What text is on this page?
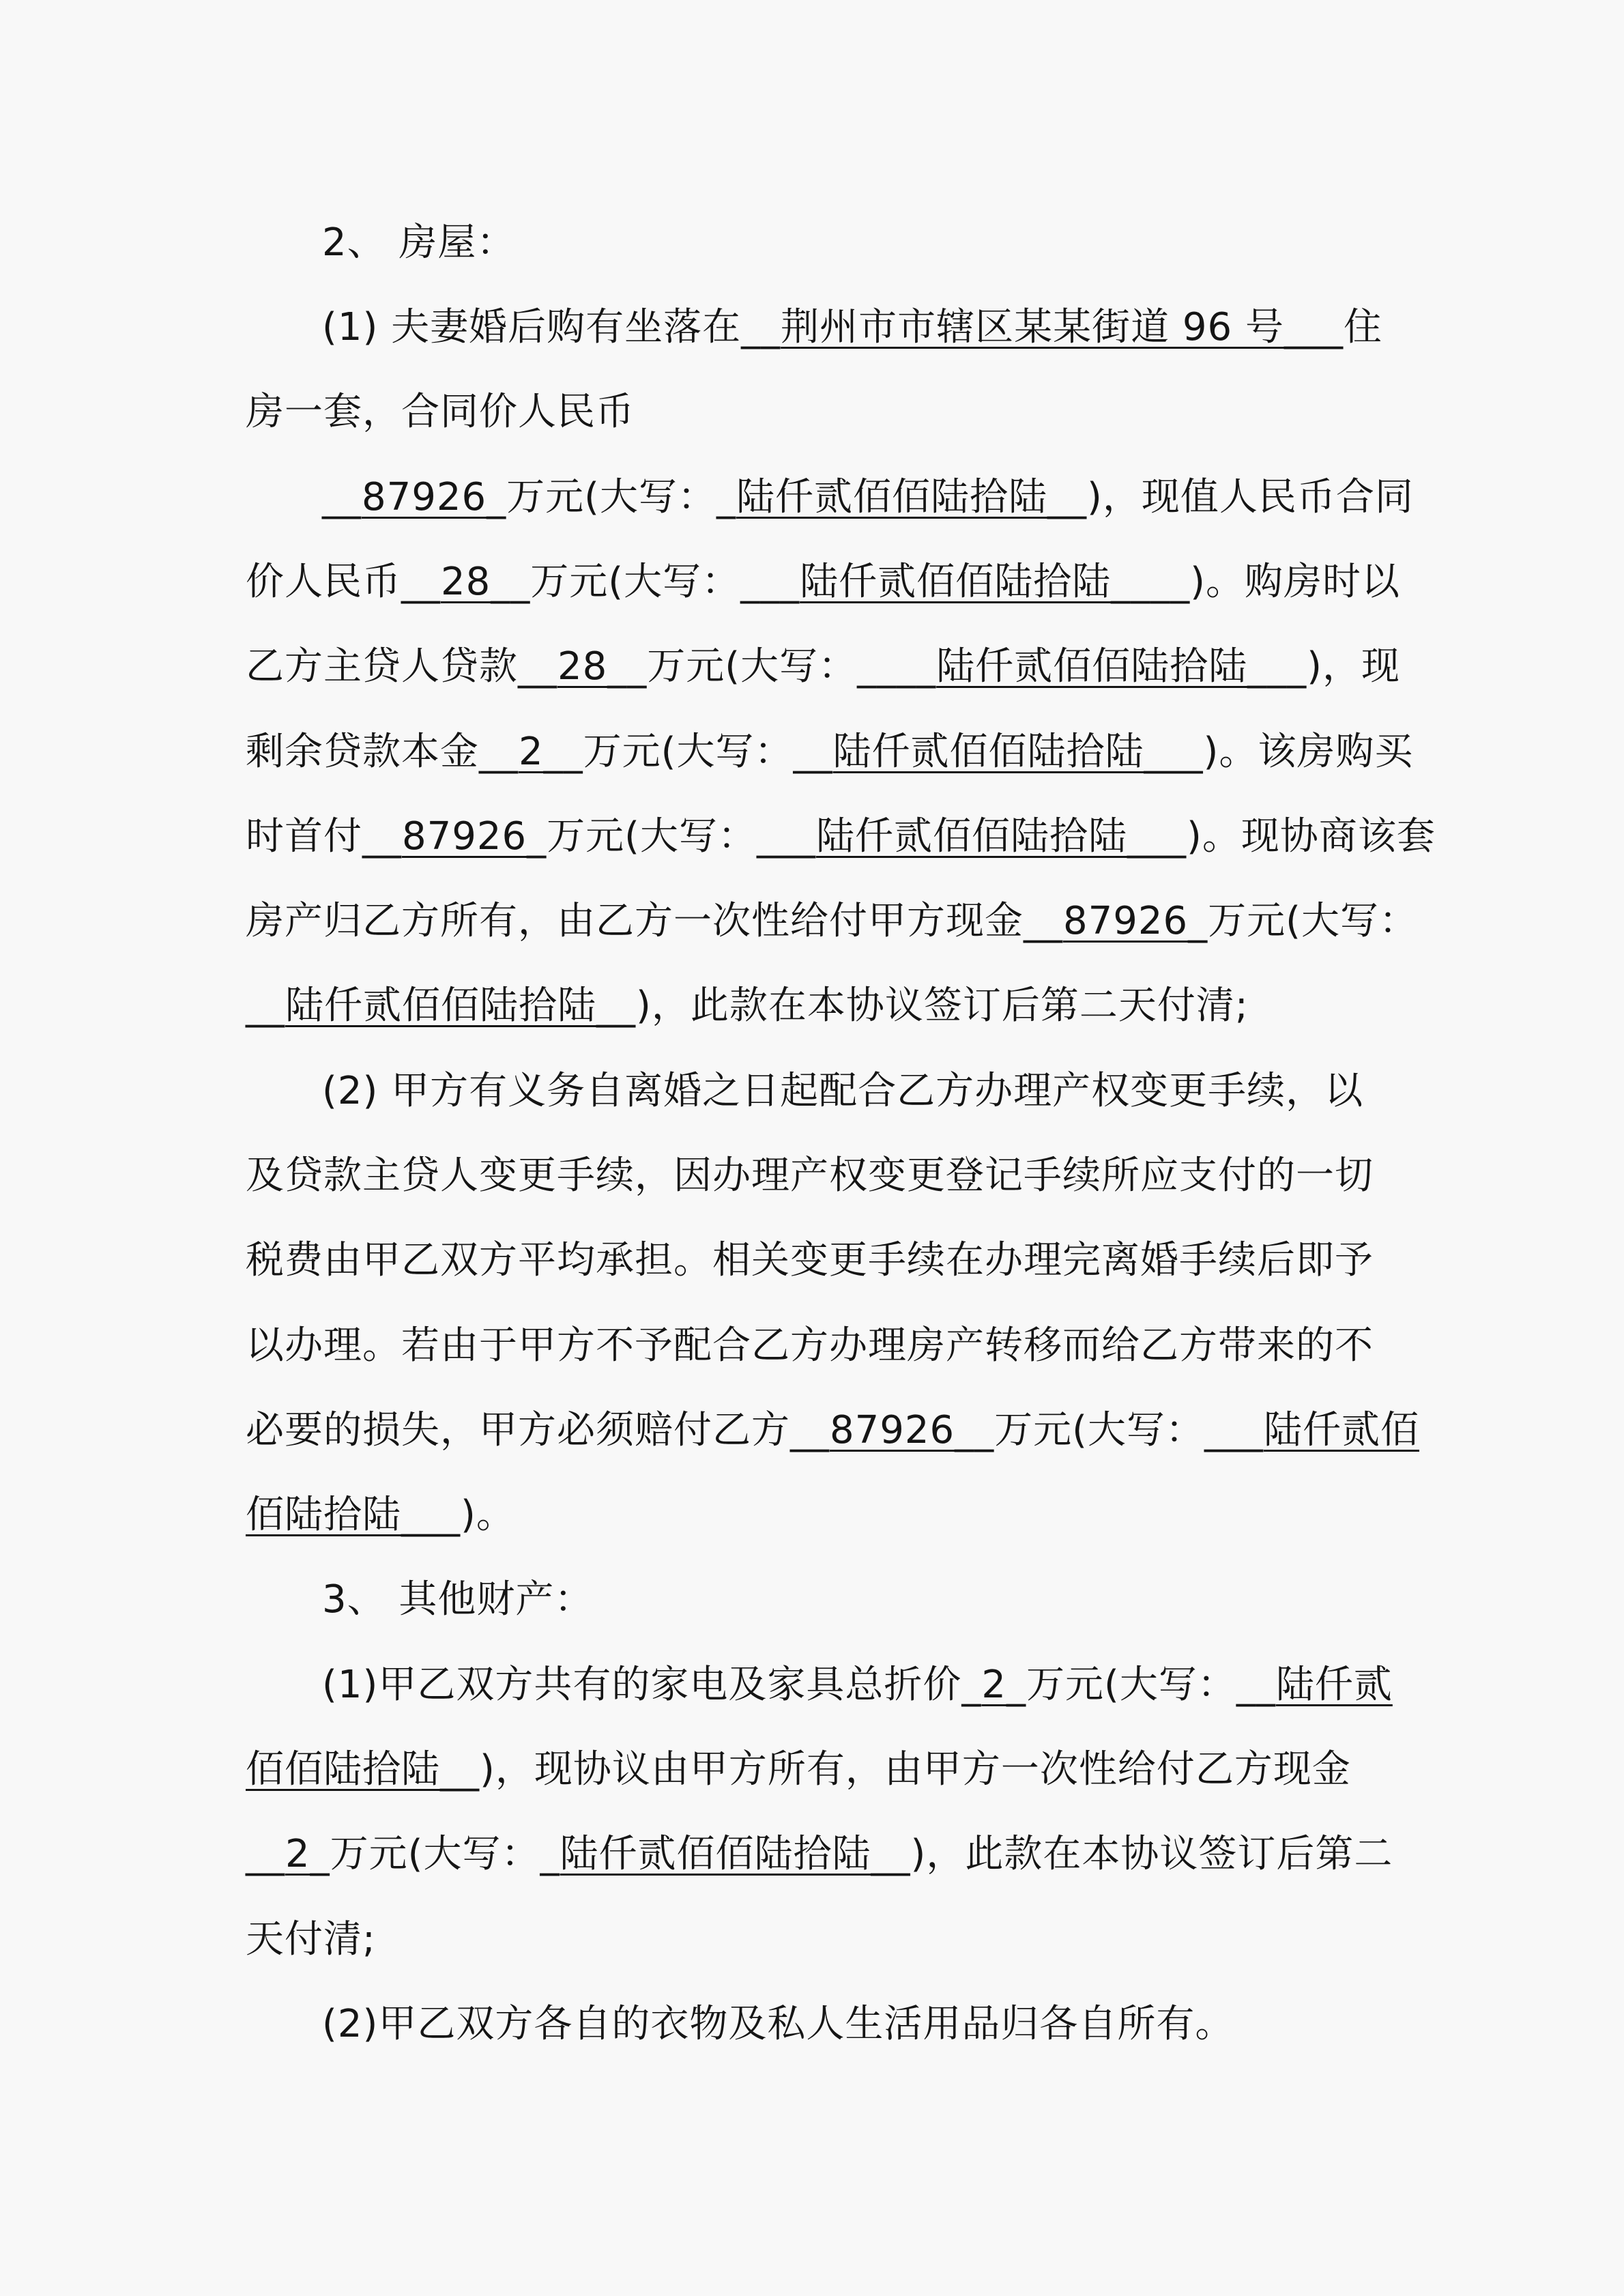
2、 房屋：
(1) 夫妻婚后购有坐落在__荆州市市辖区某某街道 96 号___住
房一套，合同价人民币
__87926_万元(大写：_陆仟贰佰佰陆拾陆__)，现值人民币合同
价人民币__28__万元(大写：___陆仟贰佰佰陆拾陆____)。购房时以
乙方主贷人贷款__28__万元(大写：____陆仟贰佰佰陆拾陆___)，现
剩余贷款本金__2__万元(大写：__陆仟贰佰佰陆拾陆___)。该房购买
时首付__87926_万元(大写：___陆仟贰佰佰陆拾陆___)。现协商该套
房产归乙方所有，由乙方一次性给付甲方现金__87926_万元(大写：
__陆仟贰佰佰陆拾陆__)，此款在本协议签订后第二天付清;
(2) 甲方有义务自离婚之日起配合乙方办理产权变更手续，以
及贷款主贷人变更手续，因办理产权变更登记手续所应支付的一切
税费由甲乙双方平均承担。相关变更手续在办理完离婚手续后即予
以办理。若由于甲方不予配合乙方办理房产转移而给乙方带来的不
必要的损失，甲方必须赔付乙方__87926__万元(大写：___陆仟贰佰
佰陆拾陆___)。
3、 其他财产：
(1)甲乙双方共有的家电及家具总折价_2_万元(大写：__陆仟贰
佰佰陆拾陆__)，现协议由甲方所有，由甲方一次性给付乙方现金
__2_万元(大写：_陆仟贰佰佰陆拾陆__)，此款在本协议签订后第二
天付清;
(2)甲乙双方各自的衣物及私人生活用品归各自所有。
